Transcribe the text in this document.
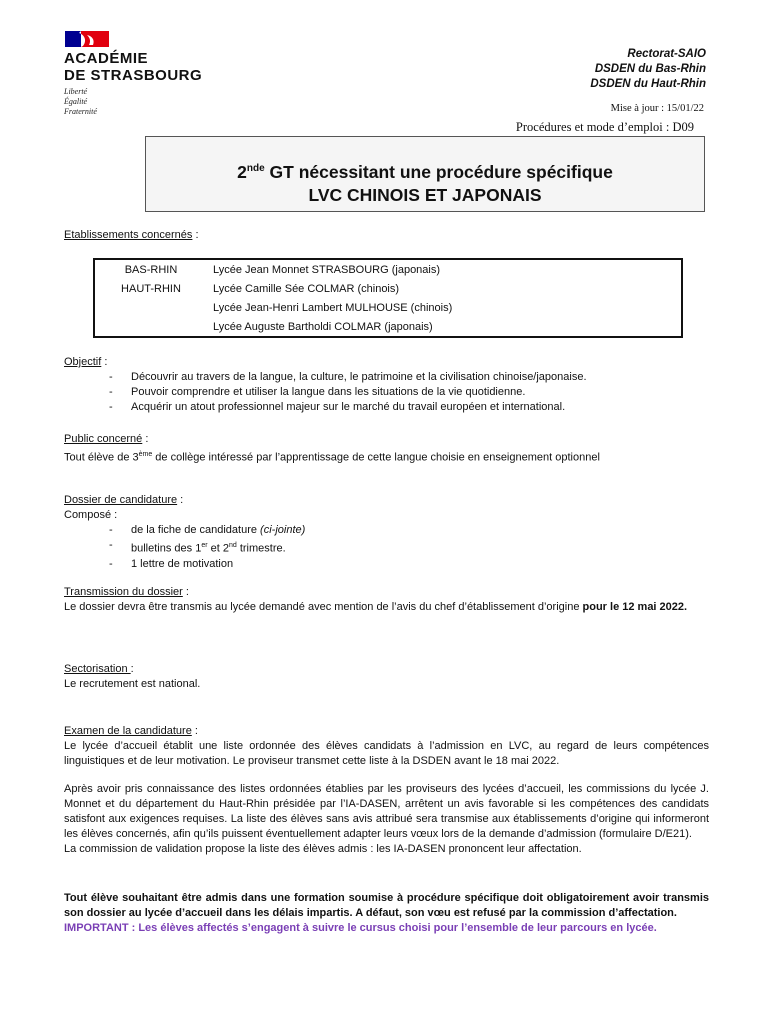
ACADÉMIE
DE STRASBOURG
Liberté
Égalité
Fraternité
Rectorat-SAIO
DSDEN du Bas-Rhin
DSDEN du Haut-Rhin
Mise à jour : 15/01/22
Procédures et mode d’emploi : D09
2nde GT nécessitant une procédure spécifique
LVC CHINOIS ET JAPONAIS
Etablissements concernés :
BAS-RHIN	Lycée Jean Monnet STRASBOURG (japonais)
HAUT-RHIN	Lycée Camille Sée COLMAR (chinois)
Lycée Jean-Henri Lambert MULHOUSE (chinois)
Lycée Auguste Bartholdi COLMAR (japonais)
Objectif :
- Découvrir au travers de la langue, la culture, le patrimoine et la civilisation chinoise/japonaise.
- Pouvoir comprendre et utiliser la langue dans les situations de la vie quotidienne.
- Acquérir un atout professionnel majeur sur le marché du travail européen et international.
Public concerné :
Tout élève de 3ème de collège intéressé par l’apprentissage de cette langue choisie en enseignement optionnel
Dossier de candidature :
Composé :
- de la fiche de candidature (ci-jointe)
- bulletins des 1er et 2nd trimestre.
- 1 lettre de motivation
Transmission du dossier :
Le dossier devra être transmis au lycée demandé avec mention de l’avis du chef d’établissement d’origine pour le 12 mai 2022.
Sectorisation :
Le recrutement est national.
Examen de la candidature :
Le lycée d’accueil établit une liste ordonnée des élèves candidats à l’admission en LVC, au regard de leurs compétences linguistiques et de leur motivation. Le proviseur transmet cette liste à la DSDEN avant le 18 mai 2022.
Après avoir pris connaissance des listes ordonnées établies par les proviseurs des lycées d’accueil, les commissions du lycée J. Monnet et du département du Haut-Rhin présidée par l’IA-DASEN, arrêtent un avis favorable si les compétences des candidats satisfont aux exigences requises. La liste des élèves sans avis attribué sera transmise aux établissements d’origine qui informeront les élèves concernés, afin qu’ils puissent éventuellement adapter leurs vœux lors de la demande d’admission (formulaire D/E21).
La commission de validation propose la liste des élèves admis : les IA-DASEN prononcent leur affectation.
Tout élève souhaitant être admis dans une formation soumise à procédure spécifique doit obligatoirement avoir transmis son dossier au lycée d’accueil dans les délais impartis. A défaut, son vœu est refusé par la commission d’affectation.
IMPORTANT : Les élèves affectés s’engagent à suivre le cursus choisi pour l’ensemble de leur parcours en lycée.
